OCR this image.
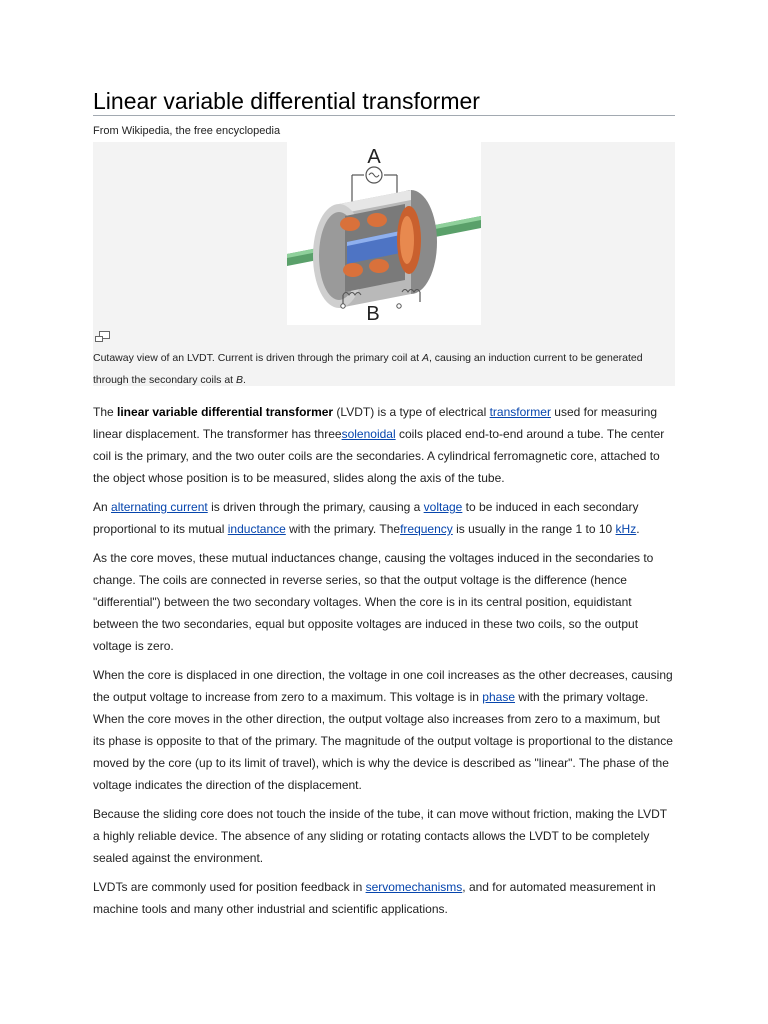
Linear variable differential transformer
From Wikipedia, the free encyclopedia
A
B
Cutaway view of an LVDT. Current is driven through the primary coil at A, causing an induction current to be generated through the secondary coils at B.

The linear variable differential transformer (LVDT) is a type of electrical transformer used for measuring linear displacement. The transformer has threesolenoidal coils placed end-to-end around a tube. The center coil is the primary, and the two outer coils are the secondaries. A cylindrical ferromagnetic core, attached to the object whose position is to be measured, slides along the axis of the tube.

An alternating current is driven through the primary, causing a voltage to be induced in each secondary proportional to its mutual inductance with the primary. Thefrequency is usually in the range 1 to 10 kHz.

As the core moves, these mutual inductances change, causing the voltages induced in the secondaries to change. The coils are connected in reverse series, so that the output voltage is the difference (hence "differential") between the two secondary voltages. When the core is in its central position, equidistant between the two secondaries, equal but opposite voltages are induced in these two coils, so the output voltage is zero.

When the core is displaced in one direction, the voltage in one coil increases as the other decreases, causing the output voltage to increase from zero to a maximum. This voltage is in phase with the primary voltage. When the core moves in the other direction, the output voltage also increases from zero to a maximum, but its phase is opposite to that of the primary. The magnitude of the output voltage is proportional to the distance moved by the core (up to its limit of travel), which is why the device is described as "linear". The phase of the voltage indicates the direction of the displacement.

Because the sliding core does not touch the inside of the tube, it can move without friction, making the LVDT a highly reliable device. The absence of any sliding or rotating contacts allows the LVDT to be completely sealed against the environment.

LVDTs are commonly used for position feedback in servomechanisms, and for automated measurement in machine tools and many other industrial and scientific applications.
